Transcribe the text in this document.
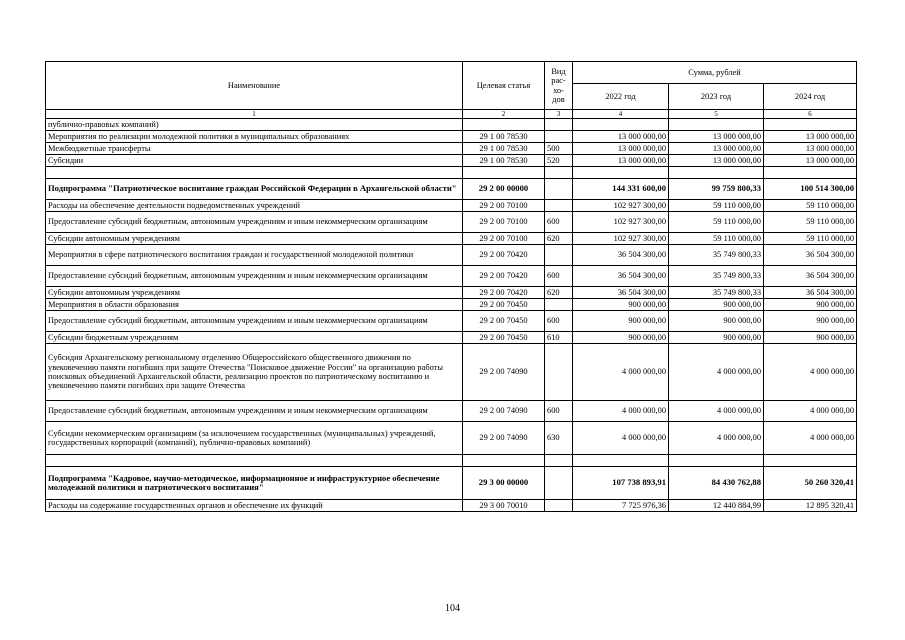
Наименование	Целевая статья	Вид рас-хо-дов	Сумма, рублей		
			2022 год	2023 год	2024 год
1	2	3	4	5	6
публично-правовых компаний)					
Мероприятия по реализации молодежной политики в муниципальных образованиях	29 1 00 78530		13 000 000,00	13 000 000,00	13 000 000,00
Межбюджетные трансферты	29 1 00 78530	500	13 000 000,00	13 000 000,00	13 000 000,00
Субсидии	29 1 00 78530	520	13 000 000,00	13 000 000,00	13 000 000,00

Подпрограмма "Патриотическое воспитание граждан Российской Федерации в Архангельской области"	29 2 00 00000		144 331 600,00	99 759 800,33	100 514 300,00
Расходы на обеспечение деятельности подведомственных учреждений	29 2 00 70100		102 927 300,00	59 110 000,00	59 110 000,00
Предоставление субсидий бюджетным, автономным учреждениям и иным некоммерческим организациям	29 2 00 70100	600	102 927 300,00	59 110 000,00	59 110 000,00
Субсидии автономным учреждениям	29 2 00 70100	620	102 927 300,00	59 110 000,00	59 110 000,00
Мероприятия в сфере патриотического воспитания граждан и государственной молодежной политики	29 2 00 70420		36 504 300,00	35 749 800,33	36 504 300,00
Предоставление субсидий бюджетным, автономным учреждениям и иным некоммерческим организациям	29 2 00 70420	600	36 504 300,00	35 749 800,33	36 504 300,00
Субсидии автономным учреждениям	29 2 00 70420	620	36 504 300,00	35 749 800,33	36 504 300,00
Мероприятия в области образования	29 2 00 70450		900 000,00	900 000,00	900 000,00
Предоставление субсидий бюджетным, автономным учреждениям и иным некоммерческим организациям	29 2 00 70450	600	900 000,00	900 000,00	900 000,00
Субсидии бюджетным учреждениям	29 2 00 70450	610	900 000,00	900 000,00	900 000,00
Субсидия Архангельскому региональному отделению Общероссийского общественного движения по увековечению памяти погибших при защите Отечества "Поисковое движение России" на организацию работы поисковых объединений Архангельской области, реализацию проектов по патриотическому воспитанию и увековечению памяти погибших при защите Отечества	29 2 00 74090		4 000 000,00	4 000 000,00	4 000 000,00
Предоставление субсидий бюджетным, автономным учреждениям и иным некоммерческим организациям	29 2 00 74090	600	4 000 000,00	4 000 000,00	4 000 000,00
Субсидии некоммерческим организациям (за исключением государственных (муниципальных) учреждений, государственных корпораций (компаний), публично-правовых компаний)	29 2 00 74090	630	4 000 000,00	4 000 000,00	4 000 000,00

Подпрограмма "Кадровое, научно-методическое, информационное и инфраструктурное обеспечение молодежной политики и патриотического воспитания"	29 3 00 00000		107 738 893,91	84 430 762,88	50 260 320,41
Расходы на содержание государственных органов и обеспечение их функций	29 3 00 70010		7 725 976,36	12 440 884,99	12 895 320,41
104
